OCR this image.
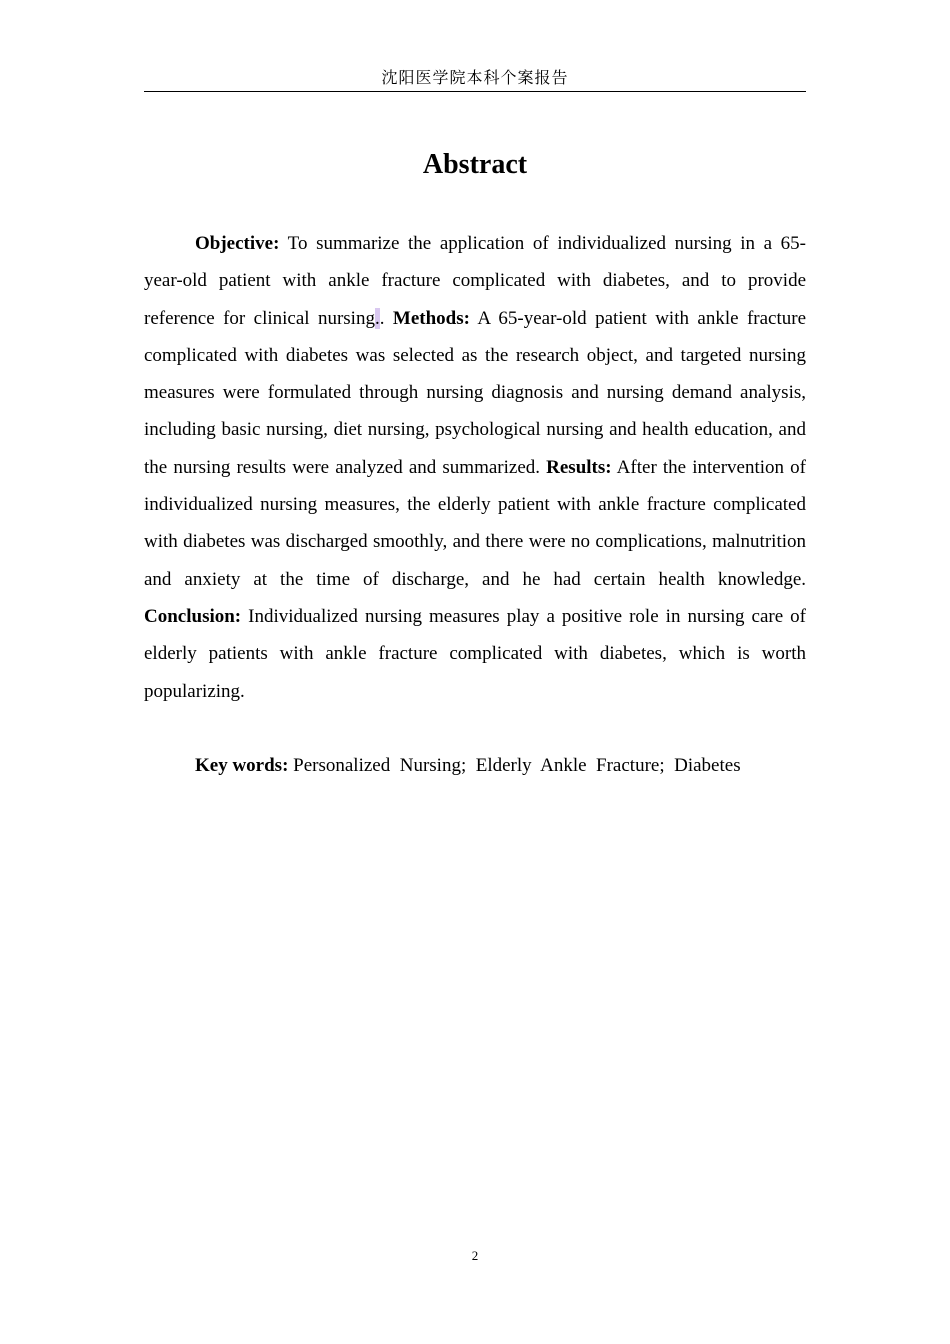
沈阳医学院本科个案报告
Abstract

Objective: To summarize the application of individualized nursing in a 65-year-old patient with ankle fracture complicated with diabetes, and to provide reference for clinical nursing.. Methods: A 65-year-old patient with ankle fracture complicated with diabetes was selected as the research object, and targeted nursing measures were formulated through nursing diagnosis and nursing demand analysis, including basic nursing, diet nursing, psychological nursing and health education, and the nursing results were analyzed and summarized. Results: After the intervention of individualized nursing measures, the elderly patient with ankle fracture complicated with diabetes was discharged smoothly, and there were no complications, malnutrition and anxiety at the time of discharge, and he had certain health knowledge. Conclusion: Individualized nursing measures play a positive role in nursing care of elderly patients with ankle fracture complicated with diabetes, which is worth popularizing.

Key words: Personalized  Nursing;  Elderly  Ankle  Fracture;  Diabetes

2
